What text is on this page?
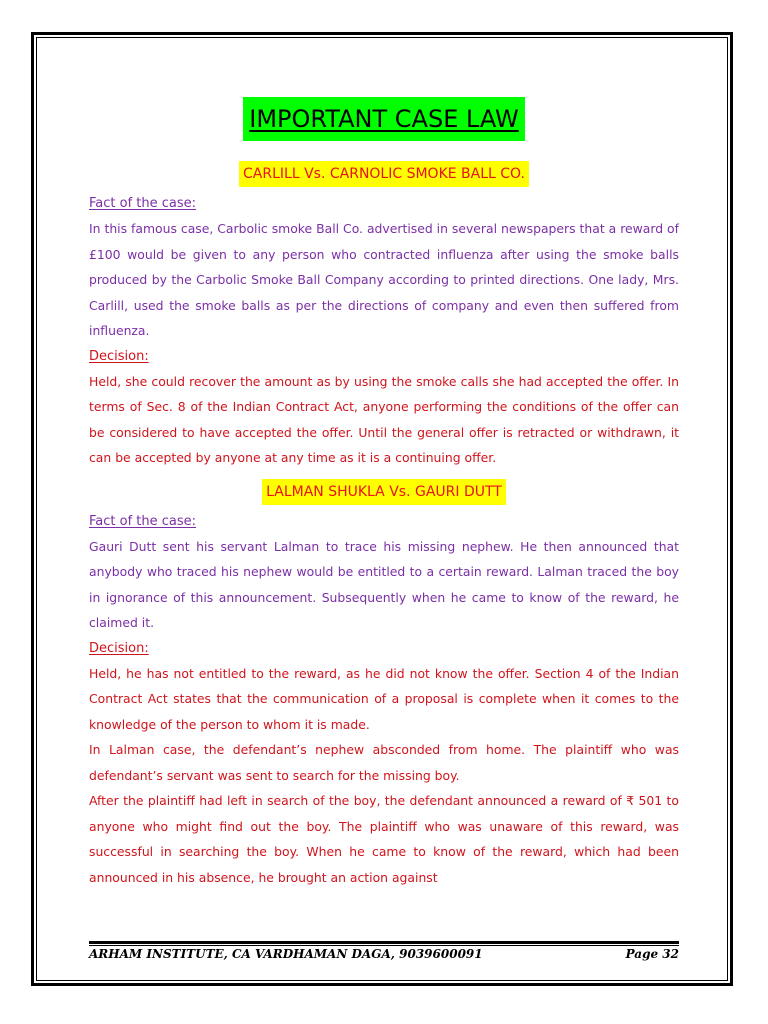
IMPORTANT CASE LAW
CARLILL Vs. CARNOLIC SMOKE BALL CO.
Fact of the case:

In this famous case, Carbolic smoke Ball Co. advertised in several newspapers that a reward of £100 would be given to any person who contracted influenza after using the smoke balls produced by the Carbolic Smoke Ball Company according to printed directions. One lady, Mrs. Carlill, used the smoke balls as per the directions of company and even then suffered from influenza.

Decision:

Held, she could recover the amount as by using the smoke calls she had accepted the offer. In terms of Sec. 8 of the Indian Contract Act, anyone performing the conditions of the offer can be considered to have accepted the offer. Until the general offer is retracted or withdrawn, it can be accepted by anyone at any time as it is a continuing offer.

LALMAN SHUKLA Vs. GAURI DUTT
Fact of the case:

Gauri Dutt sent his servant Lalman to trace his missing nephew. He then announced that anybody who traced his nephew would be entitled to a certain reward. Lalman traced the boy in ignorance of this announcement. Subsequently when he came to know of the reward, he claimed it.

Decision:

Held, he has not entitled to the reward, as he did not know the offer. Section 4 of the Indian Contract Act states that the communication of a proposal is complete when it comes to the knowledge of the person to whom it is made.

In Lalman case, the defendant’s nephew absconded from home. The plaintiff who was defendant’s servant was sent to search for the missing boy.

After the plaintiff had left in search of the boy, the defendant announced a reward of ₹ 501 to anyone who might find out the boy. The plaintiff who was unaware of this reward, was successful in searching the boy. When he came to know of the reward, which had been announced in his absence, he brought an action against

ARHAM INSTITUTE, CA VARDHAMAN DAGA, 9039600091	Page 32
